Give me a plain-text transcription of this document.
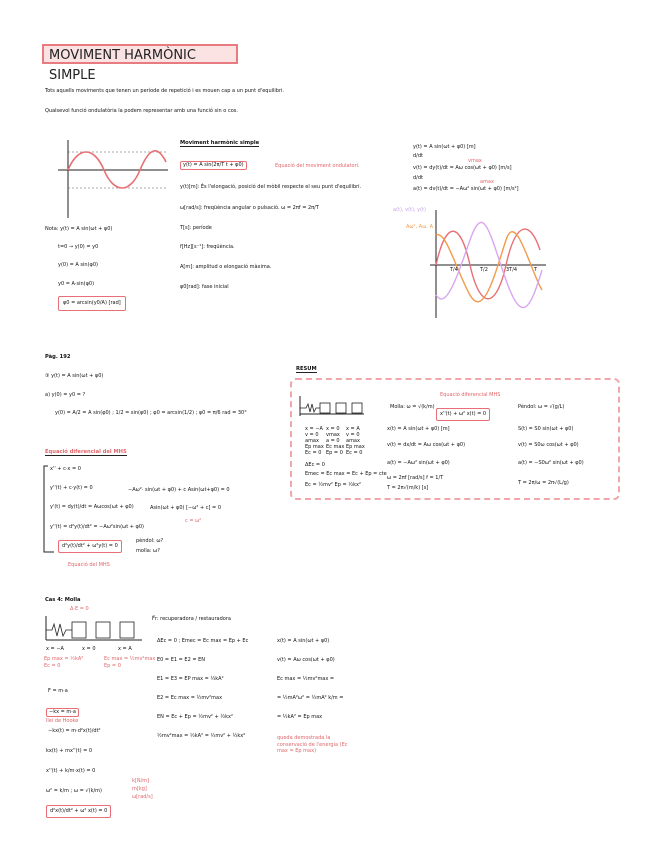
MOVIMENT HARMÒNIC SIMPLE
Tots aquells moviments que tenen un període de repetició i es mouen cap a un punt d'equilibri.
Qualsevol funció ondulatòria la podem representar amb una funció sin o cos.
Moviment harmònic simple
y(t) = A sin(2π/T t + φ0)	Equació del moviment ondulatori.
y(t)[m]: És l'elongació, posició del mòbil respecte el seu punt d'equilibri.
ω[rad/s]: freqüència angular o pulsació. ω = 2πf = 2π/T
T[s]: període
f[Hz][s⁻¹]: freqüència.
A[m]: amplitud o elongació màxima.
φ0[rad]: fase inicial
Nota: y(t) = A sin(ωt + φ0)
t=0 → y(0) = y0
y(0) = A sin(φ0)
y0 = A·sin(φ0)
φ0 = arcsin(y0/A) [rad]
y(t) = A sin(ωt + φ0) [m]
d/dt
v(t) = dy(t)/dt = Aω cos(ωt + φ0) [m/s]
vmax
d/dt
a(t) = dv(t)/dt = −Aω² sin(ωt + φ0) [m/s²]
amax
a(t), v(t), y(t)
Aω², Aω, A
T/4	T/2	3T/4	T
Pàg. 192
③ y(t) = A sin(ωt + φ0)
a) y(0) = y0 = ?
y(0) = A/2 = A sin(φ0) ; 1/2 = sin(φ0) ; φ0 = arcsin(1/2) ; φ0 = π/6 rad = 30°
Equació diferencial del MHS
x'' + c·x = 0
y''(t) + c·y(t) = 0
y'(t) = dy(t)/dt = Aωcos(ωt + φ0)
y''(t) = d²y(t)/dt² = −Aω²sin(ωt + φ0)
d²y(t)/dt² + ω²y(t) = 0
−Aω²· sin(ωt + φ0) + c Asin(ωt+φ0) = 0
Asin(ωt + φ0) [−ω² + c] = 0
c = ω²
pèndol: ω?
molla: ω?
Equació del MHS
RESUM
Equació diferencial MHS
Molla: ω = √(k/m)	Pèndol: ω = √(g/L)
x''(t) + ω² x(t) = 0
x = −A
v = 0
amax
Ep max
Ec = 0
x = 0
vmax
a = 0
Ec max
Ep = 0
x = A
v = 0
amax
Ep max
Ec = 0
ΔEc = 0
Emec = Ec max = Ec + Ep = cte
Ec = ½mv² Ep = ½kx²
x(t) = A sin(ωt + φ0) [m]
v(t) = dx/dt = Aω cos(ωt + φ0)
a(t) = −Aω² sin(ωt + φ0)
ω = 2πf [rad/s] f = 1/T
T = 2π√(m/k) [s]
S(t) = S0 sin(ωt + φ0)
v(t) = S0ω cos(ωt + φ0)
a(t) = −S0ω² sin(ωt + φ0)
T = 2π/ω = 2π√(L/g)
Cas 4: Molla
Δ·E = 0
x = −A	x = 0	x = A
Ep max = ½kA²
Ec = 0
Ec max = ½mv²max
Ep = 0
F⃗r: recuperadora / restauradora
ΔEc = 0 ; Emec = Ec max = Ep + Ec
E0 = E1 = E2 = EN
E1 = E3 = EP max = ½kA²
E2 = Ec max = ½mv²max
EN = Ec + Ep = ½mv² + ½kx²
½mv²max = ½kA² = ½mv² + ½kx²
F = m·a
−kx = m·a
llei de Hooke
−kx(t) = m·d²x(t)/dt²
kx(t) + mx''(t) = 0
x''(t) + k/m·x(t) = 0
ω² = k/m ; ω = √(k/m)
k[N/m]
m[kg]
ω[rad/s]
d²x(t)/dt² + ω² x(t) = 0
x(t) = A sin(ωt + φ0)
v(t) = Aω cos(ωt + φ0)
Ec max = ½mv²max =
= ½mA²ω² = ½mA² k/m =
= ½kA² = Ep max
queda demostrada la conservació de l'energia (Ec max = Ep max)
